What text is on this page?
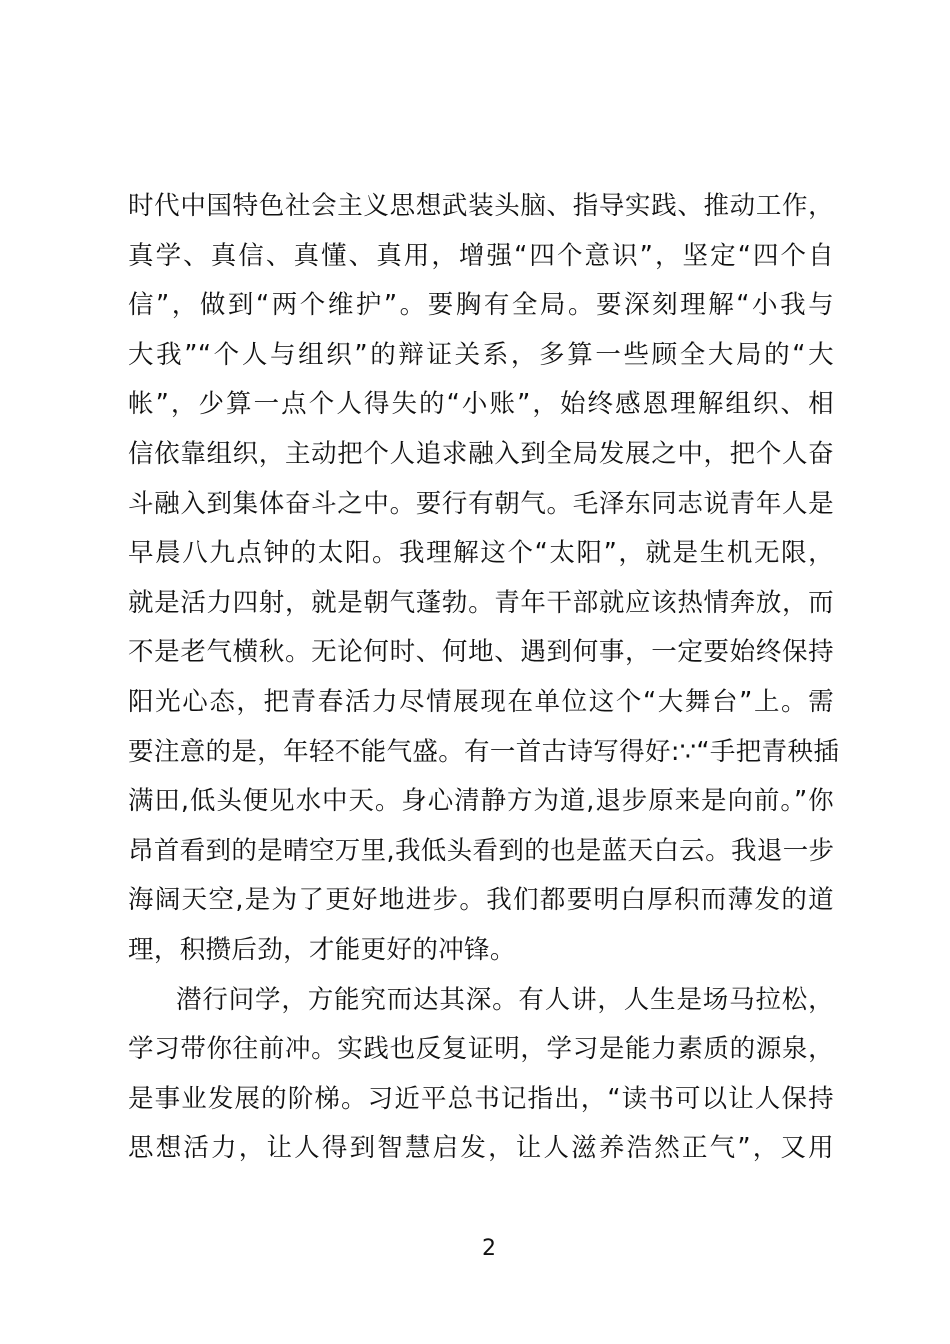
时代中国特色社会主义思想武装头脑、指导实践、推动工作，

真学、真信、真懂、真用，增强“四个意识”，坚定“四个自

信”，做到“两个维护”。要胸有全局。要深刻理解“小我与

大我”“个人与组织”的辩证关系，多算一些顾全大局的“大

帐”，少算一点个人得失的“小账”，始终感恩理解组织、相

信依靠组织，主动把个人追求融入到全局发展之中，把个人奋

斗融入到集体奋斗之中。要行有朝气。毛泽东同志说青年人是

早晨八九点钟的太阳。我理解这个“太阳”，就是生机无限，

就是活力四射，就是朝气蓬勃。青年干部就应该热情奔放，而

不是老气横秋。无论何时、何地、遇到何事，一定要始终保持

阳光心态，把青春活力尽情展现在单位这个“大舞台”上。需

要注意的是，年轻不能气盛。有一首古诗写得好:∵“手把青秧插

满田,低头便见水中天。身心清静方为道,退步原来是向前。”你

昂首看到的是晴空万里,我低头看到的也是蓝天白云。我退一步

海阔天空,是为了更好地进步。我们都要明白厚积而薄发的道

理，积攒后劲，才能更好的冲锋。

潜行问学，方能究而达其深。有人讲，人生是场马拉松，

学习带你往前冲。实践也反复证明，学习是能力素质的源泉，

是事业发展的阶梯。习近平总书记指出，“读书可以让人保持

思想活力，让人得到智慧启发，让人滋养浩然正气”，又用

2
